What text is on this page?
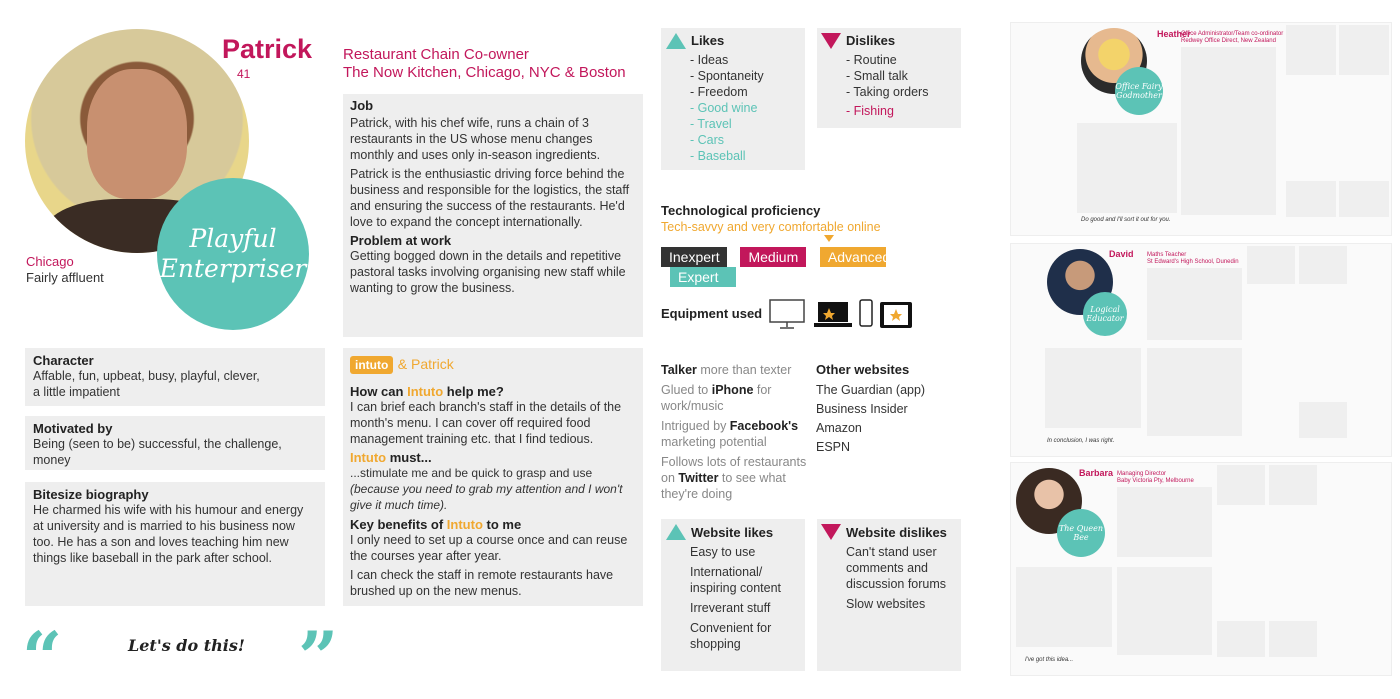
Playful
Enterpriser
Patrick
41
Chicago
Fairly affluent
Character
Affable, fun, upbeat, busy, playful, clever, a little impatient
Motivated by
Being (seen to be) successful, the challenge, money
Bitesize biography
He charmed his wife with his humour and energy at university and is married to his business now too. He has a son and loves teaching him new things like baseball in the park after school.
“	Let's do this! ”
Restaurant Chain Co-owner
The Now Kitchen, Chicago, NYC & Boston
Job
Patrick, with his chef wife, runs a chain of 3 restaurants in the US whose menu changes monthly and uses only in-season ingredients.
Patrick is the enthusiastic driving force behind the business and responsible for the logistics, the staff and ensuring the success of the restaurants. He'd love to expand the concept internationally.
Problem at work
Getting bogged down in the details and repetitive pastoral tasks involving organising new staff while wanting to grow the business.
intuto & Patrick
How can Intuto help me?
I can brief each branch's staff in the details of the month's menu. I can cover off required food management training etc. that I find tedious.
Intuto must...
...stimulate me and be quick to grasp and use
(because you need to grab my attention and I won't give it much time).
Key benefits of Intuto to me
I only need to set up a course once and can reuse the courses year after year.
I can check the staff in remote restaurants have brushed up on the new menus.
Likes
- Ideas
- Spontaneity
- Freedom
- Good wine
- Travel
- Cars
- Baseball
Dislikes
- Routine
- Small talk
- Taking orders
- Fishing
Technological proficiency
Tech-savvy and very comfortable online
Inexpert Medium Advanced Expert
Equipment used
Talker more than texter
Glued to iPhone for work/music
Intrigued by Facebook's marketing potential
Follows lots of restaurants on Twitter to see what they're doing
Other websites
The Guardian (app)
Business Insider
Amazon
ESPN
Website likes
Easy to use
International/ inspiring content
Irreverant stuff
Convenient for shopping
Website dislikes
Can't stand user comments and discussion forums
Slow websites
Office Fairy Godmother
Heather
Office Administrator/Team co-ordinator
Redwey Office Direct, New Zealand
Do good and I'll sort it out for you.
Logical Educator
David Maths Teacher
St Edward's High School, Dunedin
In conclusion, I was right.
The Queen Bee
Barbara Managing Director
Baby Victoria Pty, Melbourne
I've got this idea...
